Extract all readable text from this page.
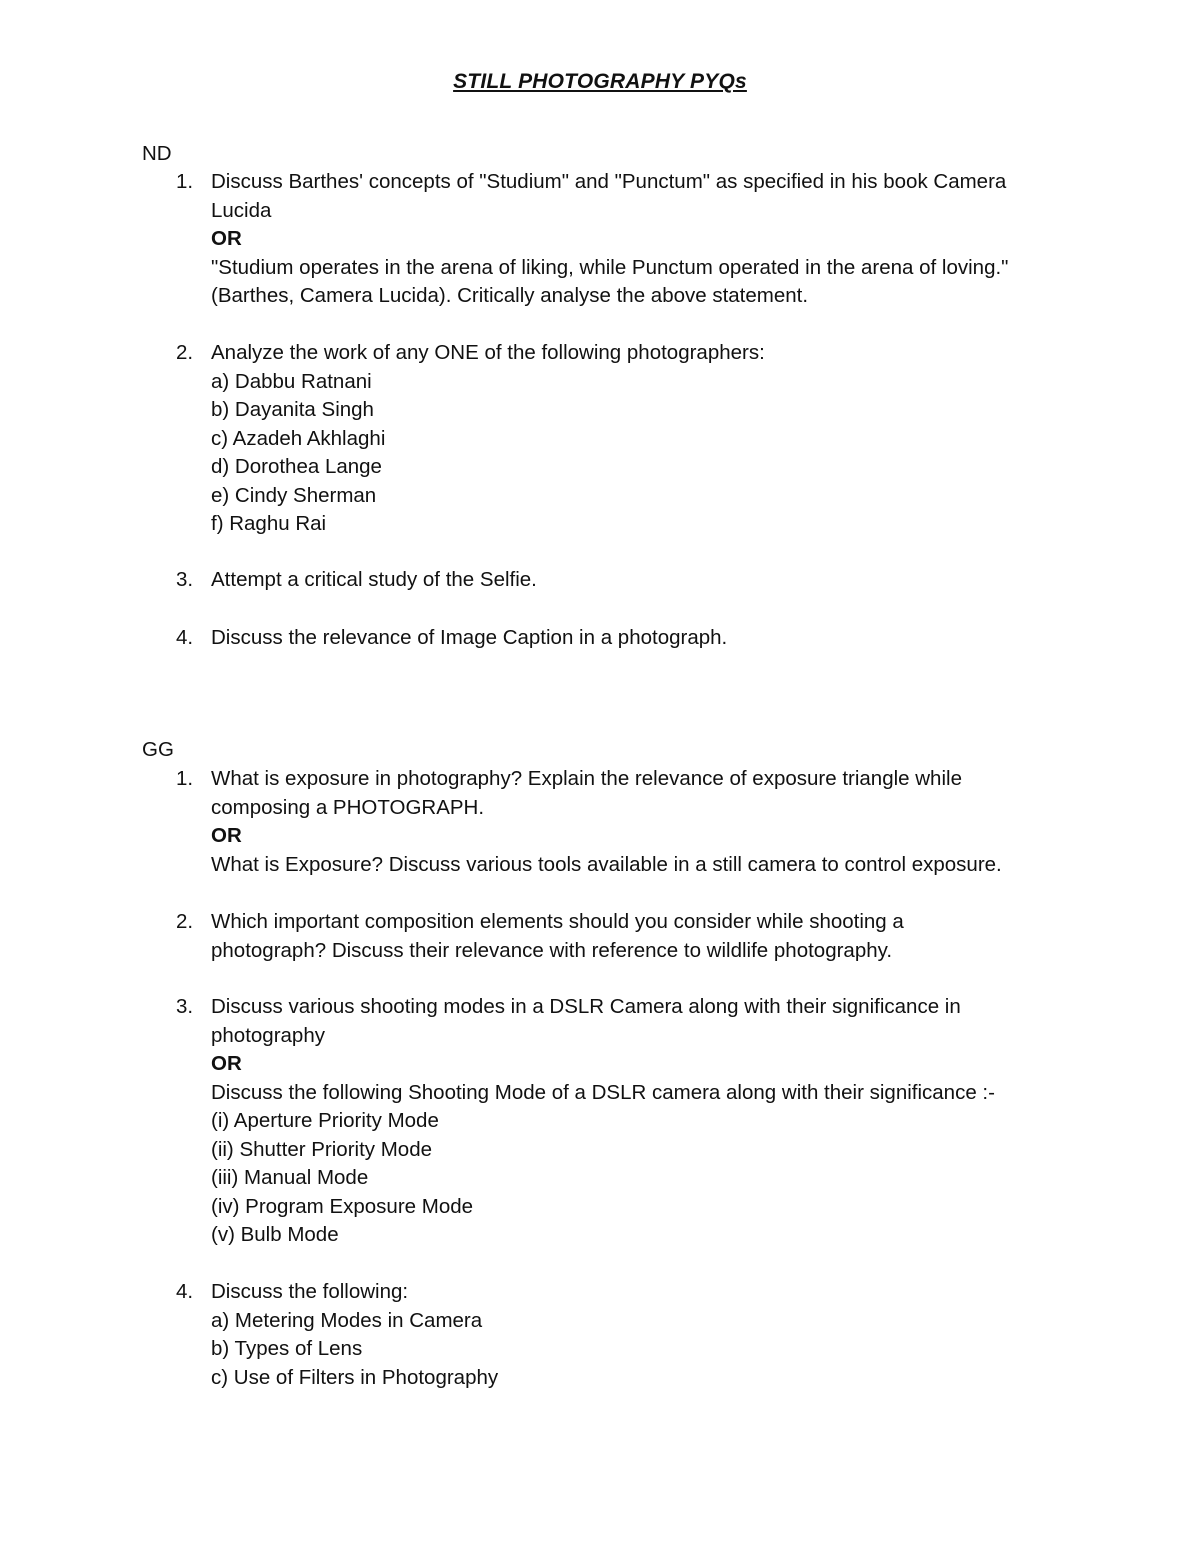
STILL PHOTOGRAPHY PYQs
ND
1. Discuss Barthes' concepts of "Studium" and "Punctum" as specified in his book Camera
Lucida
OR
"Studium operates in the arena of liking, while Punctum operated in the arena of loving."
(Barthes, Camera Lucida). Critically analyse the above statement.
2. Analyze the work of any ONE of the following photographers:
a) Dabbu Ratnani
b) Dayanita Singh
c) Azadeh Akhlaghi
d) Dorothea Lange
e) Cindy Sherman
f) Raghu Rai
3. Attempt a critical study of the Selfie.
4. Discuss the relevance of Image Caption in a photograph.
GG
1. What is exposure in photography? Explain the relevance of exposure triangle while
composing a PHOTOGRAPH.
OR
What is Exposure? Discuss various tools available in a still camera to control exposure.
2. Which important composition elements should you consider while shooting a
photograph? Discuss their relevance with reference to wildlife photography.
3. Discuss various shooting modes in a DSLR Camera along with their significance in
photography
OR
Discuss the following Shooting Mode of a DSLR camera along with their significance :-
(i) Aperture Priority Mode
(ii) Shutter Priority Mode
(iii) Manual Mode
(iv) Program Exposure Mode
(v) Bulb Mode
4. Discuss the following:
a) Metering Modes in Camera
b) Types of Lens
c) Use of Filters in Photography
